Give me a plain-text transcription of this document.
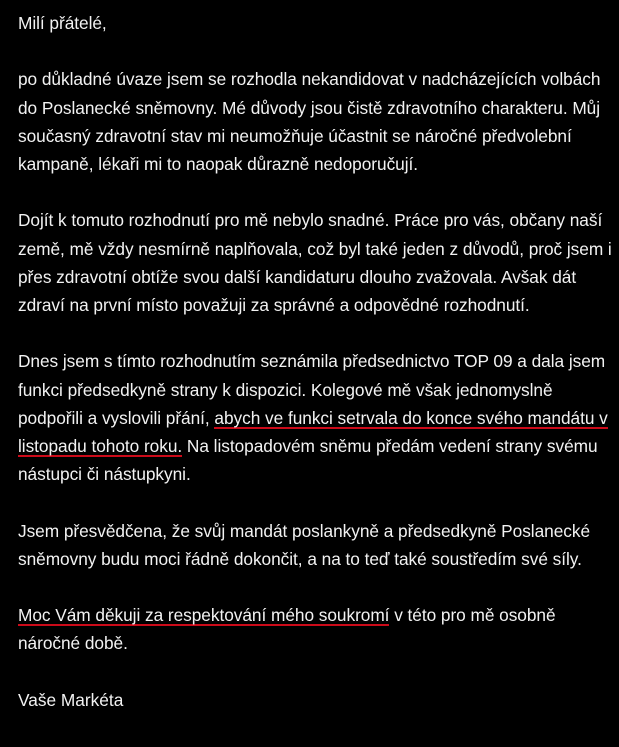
Milí přátelé,

po důkladné úvaze jsem se rozhodla nekandidovat v nadcházejících volbách do Poslanecké sněmovny. Mé důvody jsou čistě zdravotního charakteru. Můj současný zdravotní stav mi neumožňuje účastnit se náročné předvolební kampaně, lékaři mi to naopak důrazně nedoporučují.

Dojít k tomuto rozhodnutí pro mě nebylo snadné. Práce pro vás, občany naší země, mě vždy nesmírně naplňovala, což byl také jeden z důvodů, proč jsem i přes zdravotní obtíže svou další kandidaturu dlouho zvažovala. Avšak dát zdraví na první místo považuji za správné a odpovědné rozhodnutí.

Dnes jsem s tímto rozhodnutím seznámila předsednictvo TOP 09 a dala jsem funkci předsedkyně strany k dispozici. Kolegové mě však jednomyslně podpořili a vyslovili přání, abych ve funkci setrvala do konce svého mandátu v listopadu tohoto roku. Na listopadovém sněmu předám vedení strany svému nástupci či nástupkyni.

Jsem přesvědčena, že svůj mandát poslankyně a předsedkyně Poslanecké sněmovny budu moci řádně dokončit, a na to teď také soustředím své síly.

Moc Vám děkuji za respektování mého soukromí v této pro mě osobně náročné době.

Vaše Markéta
